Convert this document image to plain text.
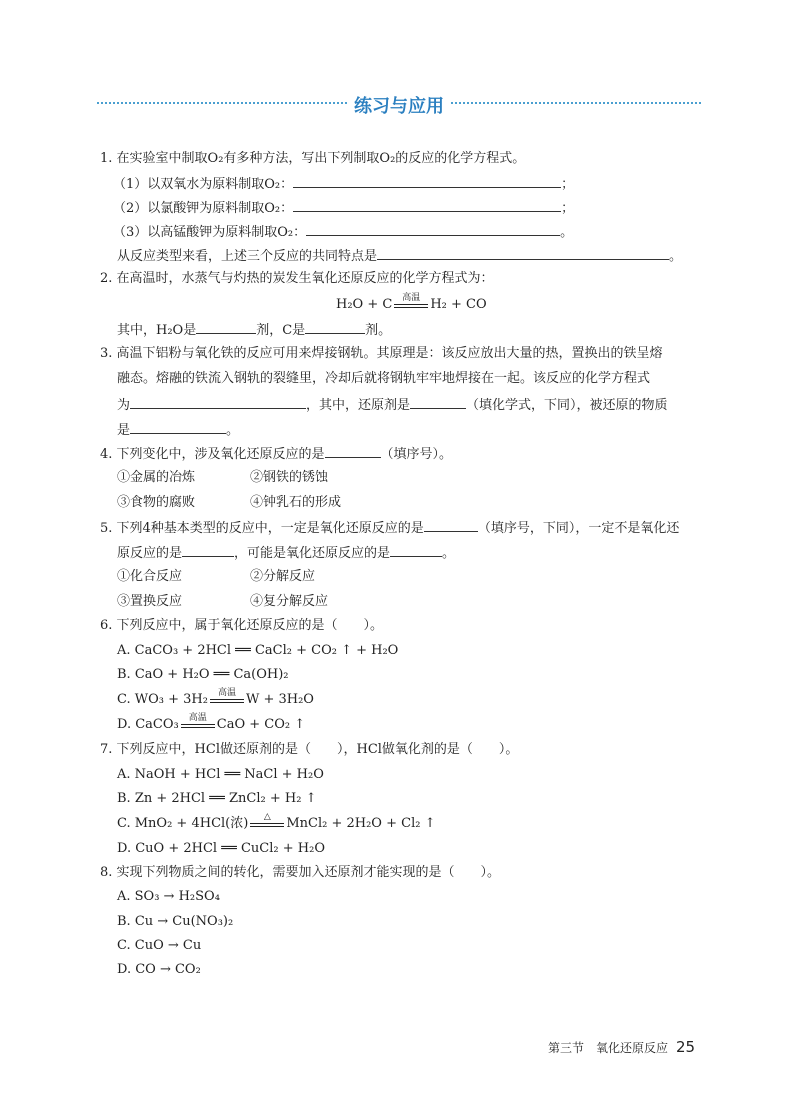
练习与应用
1. 在实验室中制取O₂有多种方法，写出下列制取O₂的反应的化学方程式。
（1）以双氧水为原料制取O₂：	；
（2）以氯酸钾为原料制取O₂：	；
（3）以高锰酸钾为原料制取O₂：	。
从反应类型来看，上述三个反应的共同特点是	。
2. 在高温时，水蒸气与灼热的炭发生氧化还原反应的化学方程式为：
H₂O + C	高温 H₂ + CO
其中，H₂O是	剂，C是	剂。
3. 高温下铝粉与氧化铁的反应可用来焊接钢轨。其原理是：该反应放出大量的热，置换出的铁呈熔
融态。熔融的铁流入钢轨的裂缝里，冷却后就将钢轨牢牢地焊接在一起。该反应的化学方程式
为	，其中，还原剂是	（填化学式，下同），被还原的物质
是	。
4. 下列变化中，涉及氧化还原反应的是	（填序号）。
①金属的冶炼	②钢铁的锈蚀
③食物的腐败	④钟乳石的形成
5. 下列4种基本类型的反应中，一定是氧化还原反应的是	（填序号，下同），一定不是氧化还
原反应的是	，可能是氧化还原反应的是	。
①化合反应	②分解反应
③置换反应	④复分解反应
6. 下列反应中，属于氧化还原反应的是（　　）。
A. CaCO₃ + 2HCl ══ CaCl₂ + CO₂ ↑ + H₂O
B. CaO + H₂O ══ Ca(OH)₂
C. WO₃ + 3H₂	高温 W + 3H₂O
D. CaCO₃	高温 CaO + CO₂ ↑
7. 下列反应中，HCl做还原剂的是（　　），HCl做氧化剂的是（　　）。
A. NaOH + HCl ══ NaCl + H₂O
B. Zn + 2HCl ══ ZnCl₂ + H₂ ↑
C. MnO₂ + 4HCl(浓)	△	MnCl₂ + 2H₂O + Cl₂ ↑
D. CuO + 2HCl ══ CuCl₂ + H₂O
8. 实现下列物质之间的转化，需要加入还原剂才能实现的是（　　）。
A. SO₃ → H₂SO₄
B. Cu → Cu(NO₃)₂
C. CuO → Cu
D. CO → CO₂
第三节　氧化还原反应 25
